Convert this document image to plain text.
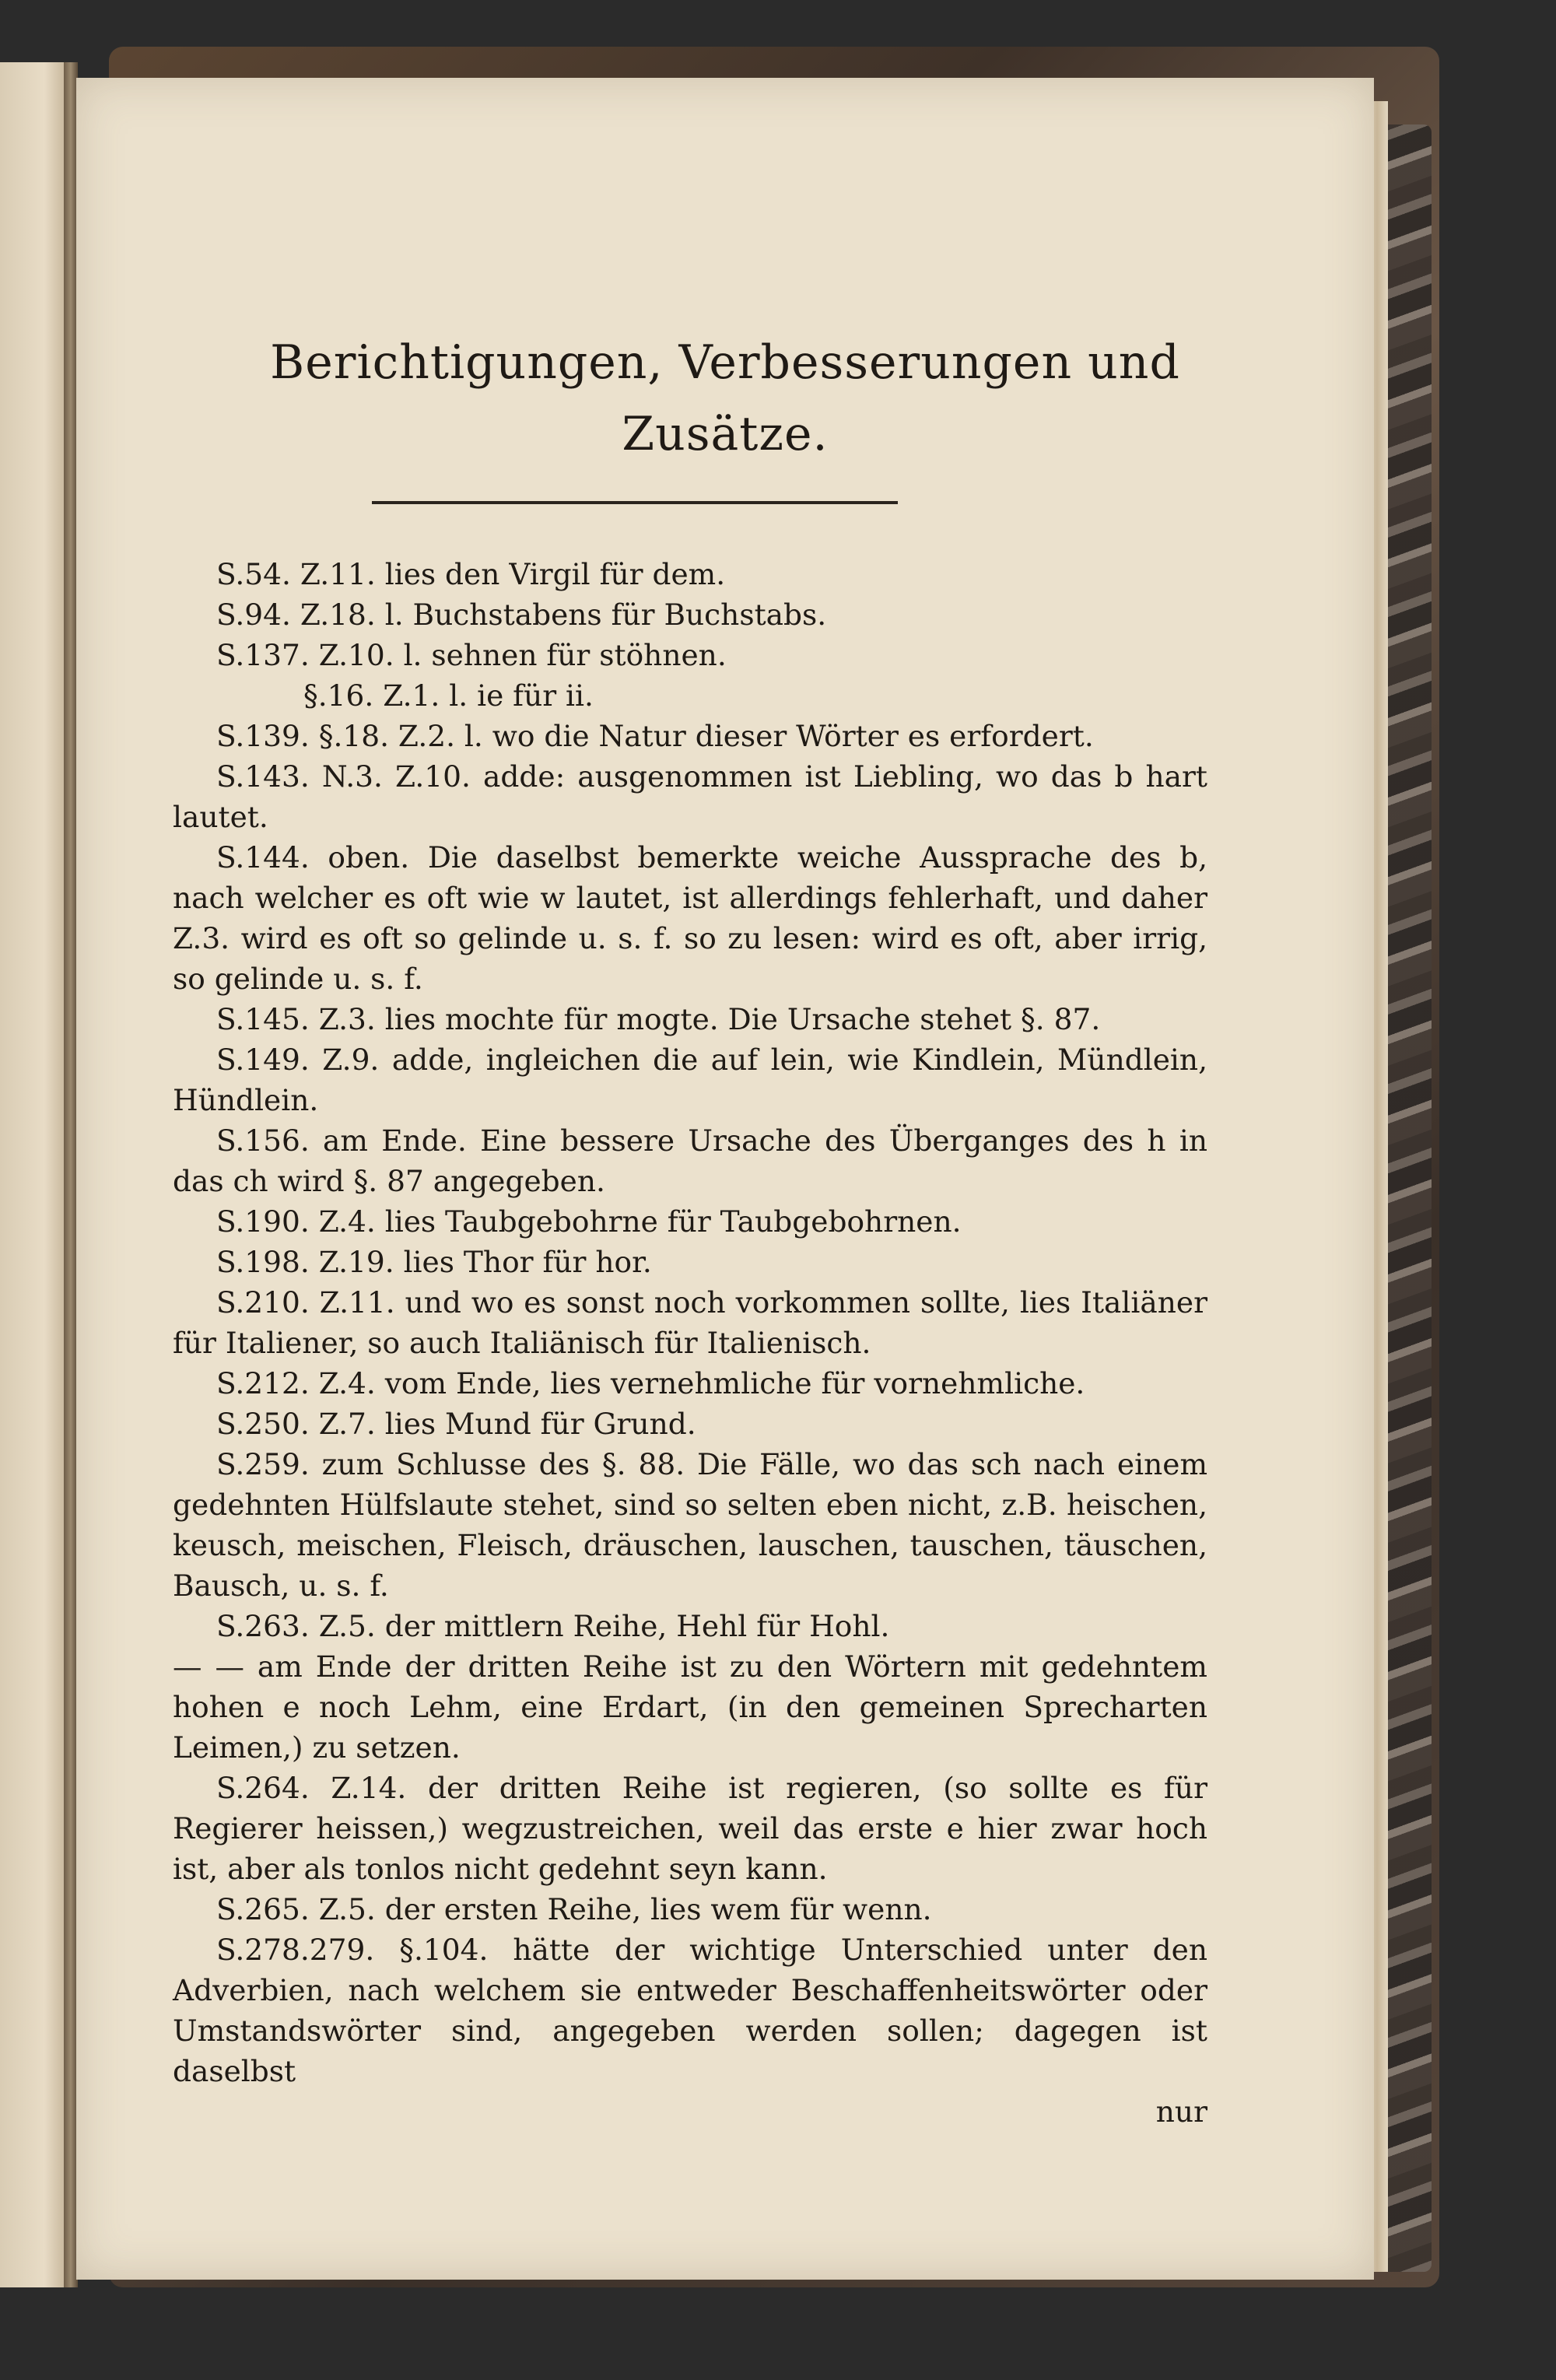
Berichtigungen, Verbesserungen und
Zusätze.

S.54. Z.11. lies den Virgil für dem.

S.94. Z.18. l. Buchstabens für Buchstabs.

S.137. Z.10. l. sehnen für stöhnen.

§.16. Z.1. l. ie für ii.

S.139. §.18. Z.2. l. wo die Natur dieser Wörter es erfordert.

S.143. N.3. Z.10. adde: ausgenommen ist Liebling, wo das b hart lautet.

S.144. oben. Die daselbst bemerkte weiche Aussprache des b, nach welcher es oft wie w lautet, ist allerdings fehlerhaft, und daher Z.3. wird es oft so gelinde u. s. f. so zu lesen: wird es oft, aber irrig, so gelinde u. s. f.

S.145. Z.3. lies mochte für mogte. Die Ursache stehet §. 87.

S.149. Z.9. adde, ingleichen die auf lein, wie Kindlein, Mündlein, Hündlein.

S.156. am Ende. Eine bessere Ursache des Überganges des h in das ch wird §. 87 angegeben.

S.190. Z.4. lies Taubgebohrne für Taubgebohrnen.

S.198. Z.19. lies Thor für hor.

S.210. Z.11. und wo es sonst noch vorkommen sollte, lies Italiäner für Italiener, so auch Italiänisch für Italienisch.

S.212. Z.4. vom Ende, lies vernehmliche für vornehmliche.

S.250. Z.7. lies Mund für Grund.

S.259. zum Schlusse des §. 88. Die Fälle, wo das sch nach einem gedehnten Hülfslaute stehet, sind so selten eben nicht, z.B. heischen, keusch, meischen, Fleisch, dräuschen, lauschen, tauschen, täuschen, Bausch, u. s. f.

S.263. Z.5. der mittlern Reihe, Hehl für Hohl.

— — am Ende der dritten Reihe ist zu den Wörtern mit gedehntem hohen e noch Lehm, eine Erdart, (in den gemeinen Sprecharten Leimen,) zu setzen.

S.264. Z.14. der dritten Reihe ist regieren, (so sollte es für Regierer heissen,) wegzustreichen, weil das erste e hier zwar hoch ist, aber als tonlos nicht gedehnt seyn kann.

S.265. Z.5. der ersten Reihe, lies wem für wenn.

S.278.279. §.104. hätte der wichtige Unterschied unter den Adverbien, nach welchem sie entweder Beschaffenheitswörter oder Umstandswörter sind, angegeben werden sollen; dagegen ist daselbst

nur
